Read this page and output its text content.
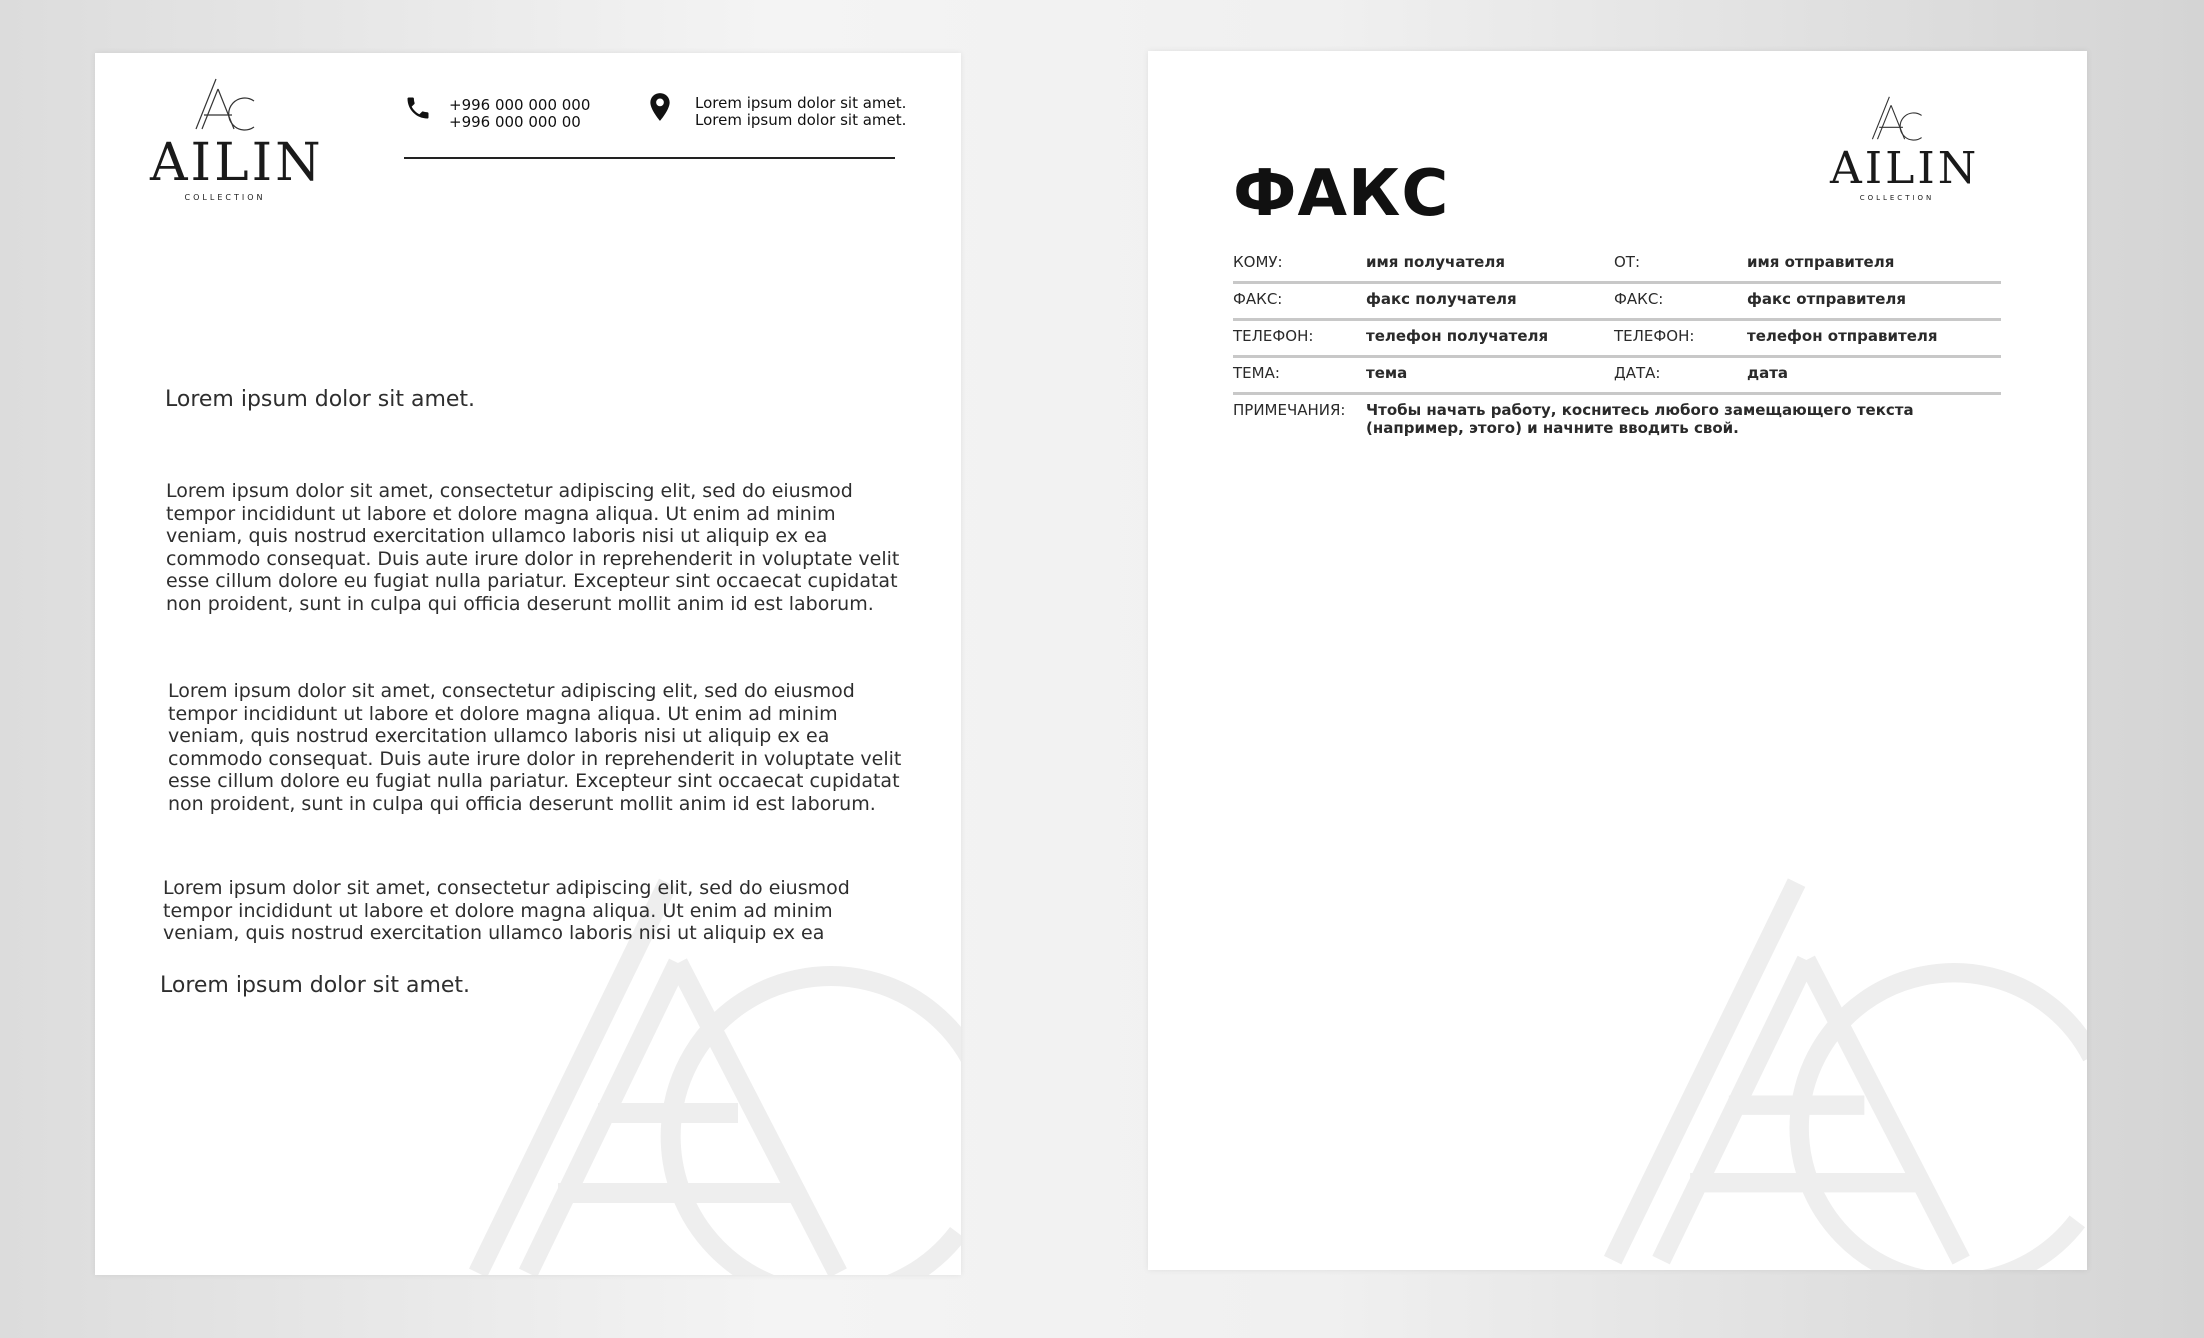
AILIN
COLLECTION
+996 000 000 000
+996 000 000 00
Lorem ipsum dolor sit amet.
Lorem ipsum dolor sit amet.
Lorem ipsum dolor sit amet.
Lorem ipsum dolor sit amet, consectetur adipiscing elit, sed do eiusmod
tempor incididunt ut labore et dolore magna aliqua. Ut enim ad minim
veniam, quis nostrud exercitation ullamco laboris nisi ut aliquip ex ea
commodo consequat. Duis aute irure dolor in reprehenderit in voluptate velit
esse cillum dolore eu fugiat nulla pariatur. Excepteur sint occaecat cupidatat
non proident, sunt in culpa qui officia deserunt mollit anim id est laborum.
Lorem ipsum dolor sit amet, consectetur adipiscing elit, sed do eiusmod
tempor incididunt ut labore et dolore magna aliqua. Ut enim ad minim
veniam, quis nostrud exercitation ullamco laboris nisi ut aliquip ex ea
commodo consequat. Duis aute irure dolor in reprehenderit in voluptate velit
esse cillum dolore eu fugiat nulla pariatur. Excepteur sint occaecat cupidatat
non proident, sunt in culpa qui officia deserunt mollit anim id est laborum.
Lorem ipsum dolor sit amet, consectetur adipiscing elit, sed do eiusmod
tempor incididunt ut labore et dolore magna aliqua. Ut enim ad minim
veniam, quis nostrud exercitation ullamco laboris nisi ut aliquip ex ea
Lorem ipsum dolor sit amet.
AILIN
COLLECTION
ФАКС
КОМУ:	имя получателя	ОТ:	имя отправителя
ФАКС:	факс получателя	ФАКС:	факс отправителя
ТЕЛЕФОН:	телефон получателя	ТЕЛЕФОН:	телефон отправителя
ТЕМА:	тема	ДАТА:	дата
ПРИМЕЧАНИЯ: Чтобы начать работу, коснитесь любого замещающего текста (например, этого) и начните вводить свой.
